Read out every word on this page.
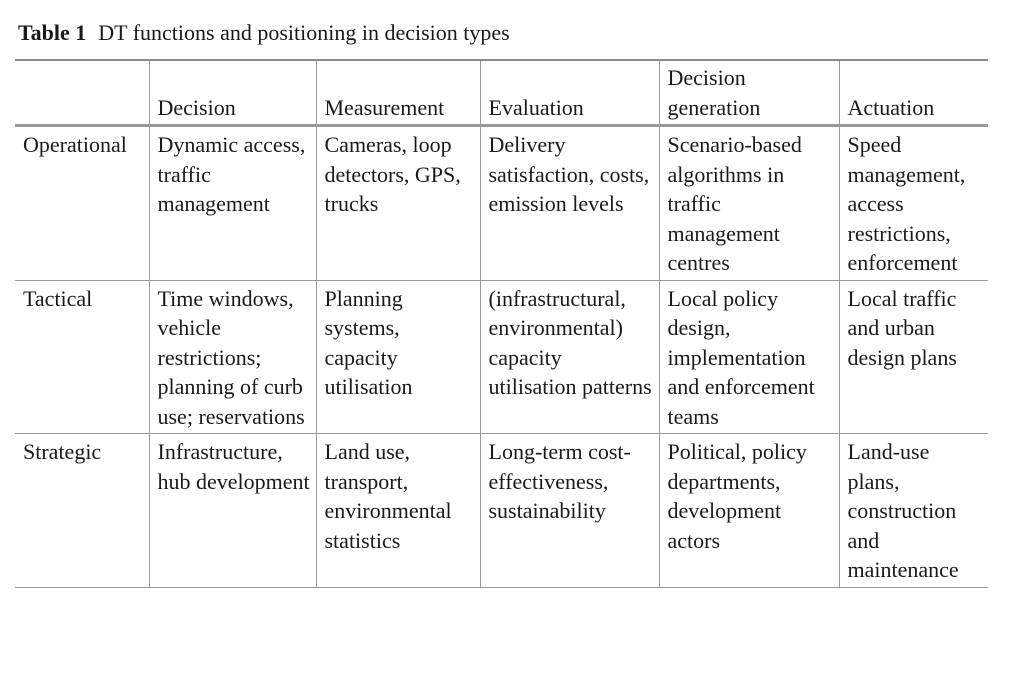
Table 1 DT functions and positioning in decision types
	Decision	Measurement	Evaluation	Decision generation	Actuation
Operational	Dynamic access, traffic management	Cameras, loop detectors, GPS, trucks	Delivery satisfaction, costs, emission levels	Scenario-based algorithms in traffic management centres	Speed management, access restrictions, enforcement
Tactical	Time windows, vehicle restrictions; planning of curb use; reservations	Planning systems, capacity utilisation	(infrastructural, environmental) capacity utilisation patterns	Local policy design, implementation and enforcement teams	Local traffic and urban design plans
Strategic	Infrastructure, hub development	Land use, transport, environmental statistics	Long-term cost-effectiveness, sustainability	Political, policy departments, development actors	Land-use plans, construction and maintenance
